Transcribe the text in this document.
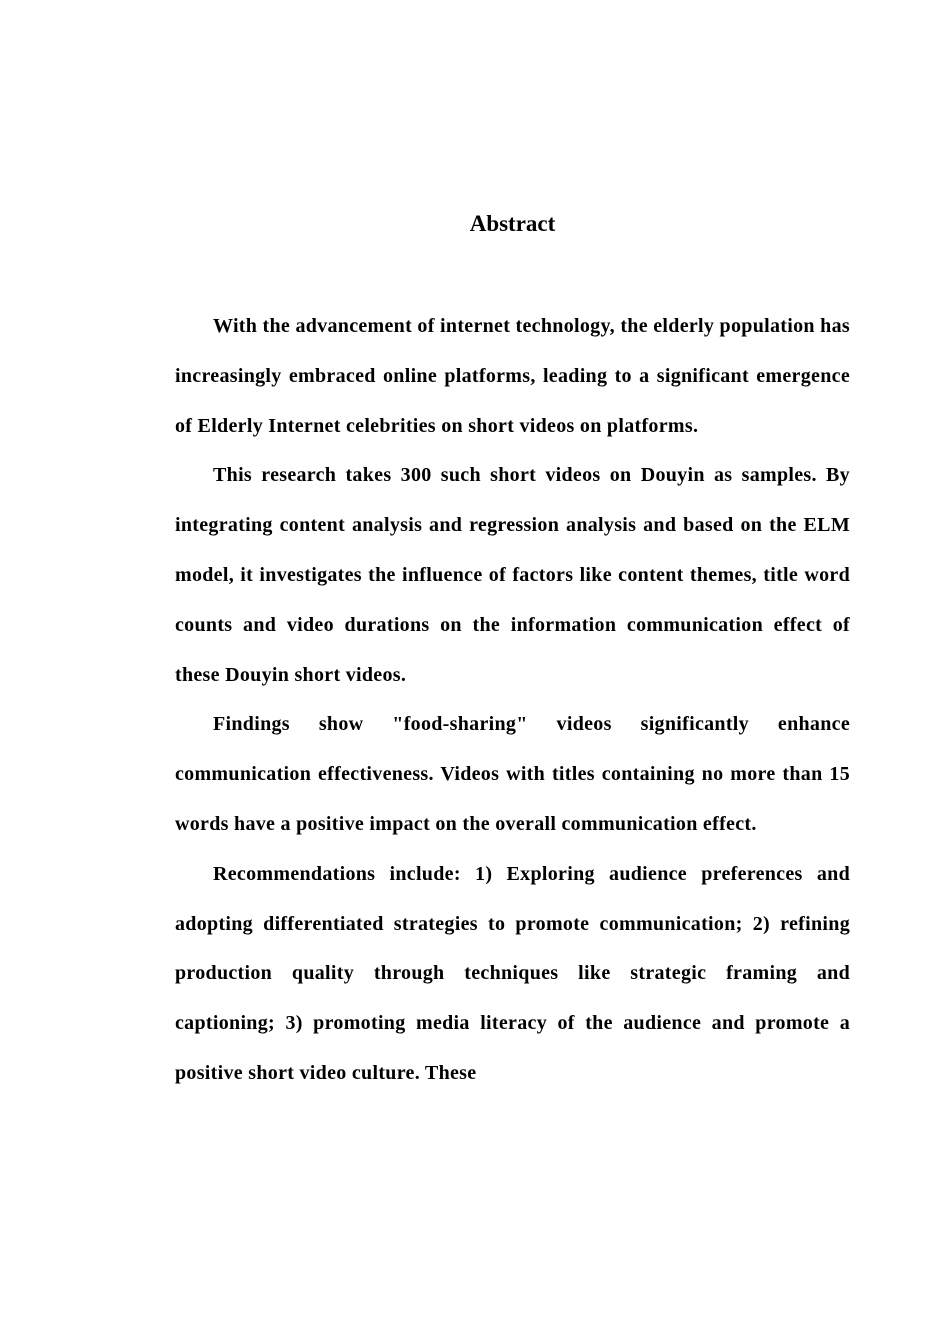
Abstract

With the advancement of internet technology, the elderly population has increasingly embraced online platforms, leading to a significant emergence of Elderly Internet celebrities on short videos on platforms.

This research takes 300 such short videos on Douyin as samples. By integrating content analysis and regression analysis and based on the ELM model, it investigates the influence of factors like content themes, title word counts and video durations on the information communication effect of these Douyin short videos.

Findings show "food-sharing" videos significantly enhance communication effectiveness. Videos with titles containing no more than 15 words have a positive impact on the overall communication effect.

Recommendations include: 1) Exploring audience preferences and adopting differentiated strategies to promote communication; 2) refining production quality through techniques like strategic framing and captioning; 3) promoting media literacy of the audience and promote a positive short video culture. These
